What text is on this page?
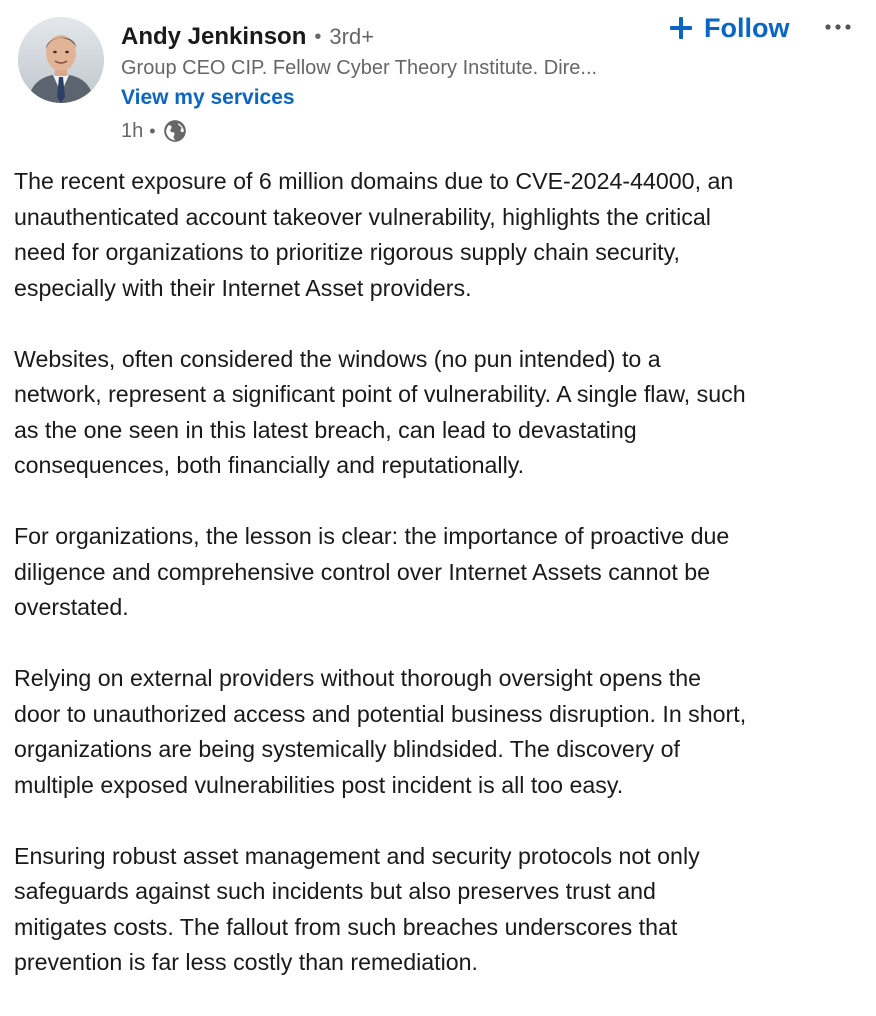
Andy Jenkinson • 3rd+
Group CEO CIP. Fellow Cyber Theory Institute. Dire...
View my services
1h •
Follow

The recent exposure of 6 million domains due to CVE-2024-44000, an
unauthenticated account takeover vulnerability, highlights the critical
need for organizations to prioritize rigorous supply chain security,
especially with their Internet Asset providers.

Websites, often considered the windows (no pun intended) to a
network, represent a significant point of vulnerability. A single flaw, such
as the one seen in this latest breach, can lead to devastating
consequences, both financially and reputationally.

For organizations, the lesson is clear: the importance of proactive due
diligence and comprehensive control over Internet Assets cannot be
overstated.

Relying on external providers without thorough oversight opens the
door to unauthorized access and potential business disruption. In short,
organizations are being systemically blindsided. The discovery of
multiple exposed vulnerabilities post incident is all too easy.

Ensuring robust asset management and security protocols not only
safeguards against such incidents but also preserves trust and
mitigates costs. The fallout from such breaches underscores that
prevention is far less costly than remediation.
